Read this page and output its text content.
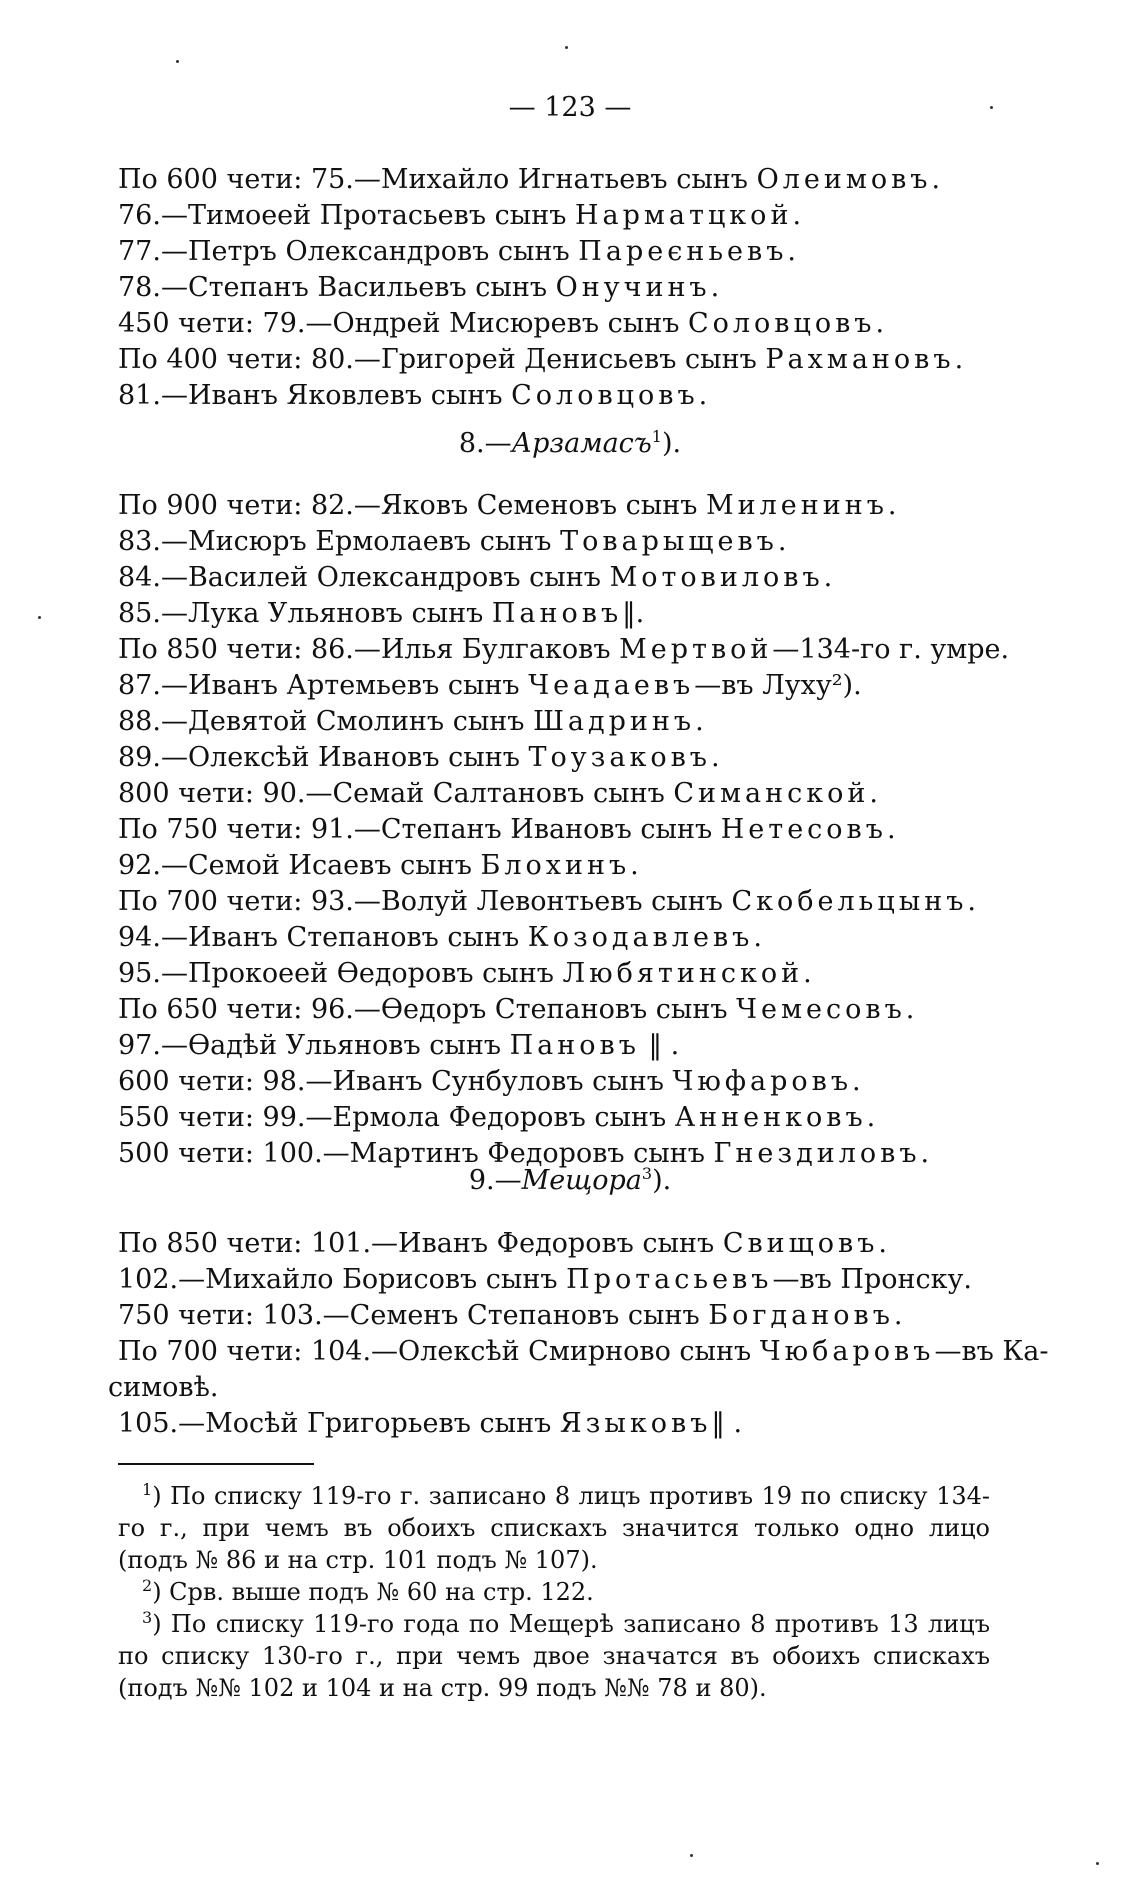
— 123 —
По 600 чети: 75.—Михайло Игнатьевъ сынъ Олеимовъ.
76.—Тимоеей Протасьевъ сынъ Нарматцкой.
77.—Петръ Олександровъ сынъ Пареєньевъ.
78.—Степанъ Васильевъ сынъ Онучинъ.
450 чети: 79.—Ондрей Мисюревъ сынъ Соловцовъ.
По 400 чети: 80.—Григорей Денисьевъ сынъ Рахмановъ.
81.—Иванъ Яковлевъ сынъ Соловцовъ.
8.—Арзамасъ$^1$).
По 900 чети: 82.—Яковъ Семеновъ сынъ Миленинъ.
83.—Мисюръ Ермолаевъ сынъ Товарыщевъ.
84.—Василей Олександровъ сынъ Мотовиловъ.
85.—Лука Ульяновъ сынъ Пановъ‖.
По 850 чети: 86.—Илья Булгаковъ Мертвой—134-го г. умре.
87.—Иванъ Артемьевъ сынъ Чеадаевъ—въ Луху²).
88.—Девятой Смолинъ сынъ Шадринъ.
89.—Олексѣй Ивановъ сынъ Тоузаковъ.
800 чети: 90.—Семай Салтановъ сынъ Симанской.
По 750 чети: 91.—Степанъ Ивановъ сынъ Нетесовъ.
92.—Семой Исаевъ сынъ Блохинъ.
По 700 чети: 93.—Волуй Левонтьевъ сынъ Скобельцынъ.
94.—Иванъ Степановъ сынъ Козодавлевъ.
95.—Прокоеей Өедоровъ сынъ Любятинской.
По 650 чети: 96.—Өедоръ Степановъ сынъ Чемесовъ.
97.—Өадѣй Ульяновъ сынъ Пановъ ‖ .
600 чети: 98.—Иванъ Сунбуловъ сынъ Чюфаровъ.
550 чети: 99.—Ермола Федоровъ сынъ Анненковъ.
500 чети: 100.—Мартинъ Федоровъ сынъ Гнездиловъ.
9.—Мещора$^3$).
По 850 чети: 101.—Иванъ Федоровъ сынъ Свищовъ.
102.—Михайло Борисовъ сынъ Протасьевъ—въ Пронску.
750 чети: 103.—Семенъ Степановъ сынъ Богдановъ.
По 700 чети: 104.—Олексѣй Смирново сынъ Чюбаровъ—въ Ка-
симовѣ.
105.—Мосѣй Григорьевъ сынъ Языковъ‖ .
$^1$) По списку 119-го г. записано 8 лицъ противъ 19 по списку 134-го г., при чемъ въ обоихъ спискахъ значится только одно лицо (подъ № 86 и на стр. 101 подъ № 107).
$^2$) Срв. выше подъ № 60 на стр. 122.
$^3$) По списку 119-го года по Мещерѣ записано 8 противъ 13 лицъ по списку 130-го г., при чемъ двое значатся въ обоихъ спискахъ (подъ №№ 102 и 104 и на стр. 99 подъ №№ 78 и 80).
